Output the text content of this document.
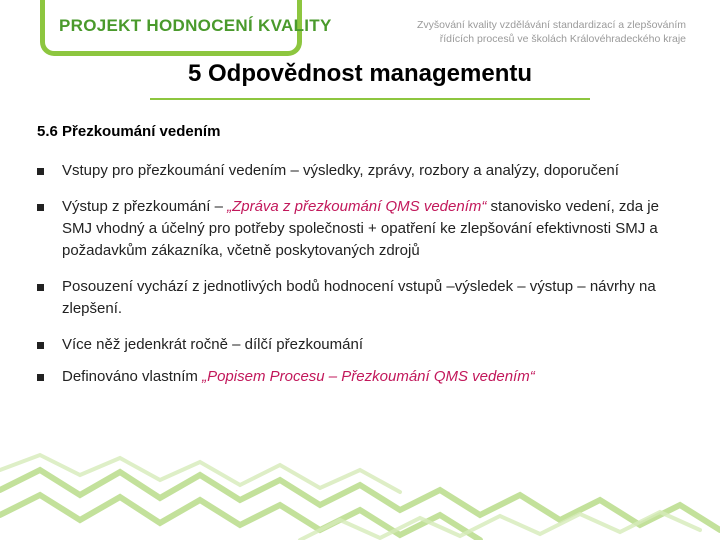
PROJEKT HODNOCENÍ KVALITY	Zvyšování kvality vzdělávání standardizací a zlepšováním
řídících procesů ve školách Královéhradeckého kraje
5 Odpovědnost managementu
5.6 Přezkoumání vedením
Vstupy pro přezkoumání vedením – výsledky, zprávy, rozbory a analýzy, doporučení
Výstup z přezkoumání – „Zpráva z přezkoumání QMS vedením“ stanovisko vedení, zda je SMJ vhodný a účelný pro potřeby společnosti + opatření ke zlepšování efektivnosti SMJ a požadavkům zákazníka, včetně poskytovaných zdrojů
Posouzení vychází z jednotlivých bodů hodnocení vstupů –výsledek – výstup – návrhy na zlepšení.
Více něž jedenkrát ročně – dílčí přezkoumání
Definováno vlastním „Popisem Procesu – Přezkoumání QMS vedením“
